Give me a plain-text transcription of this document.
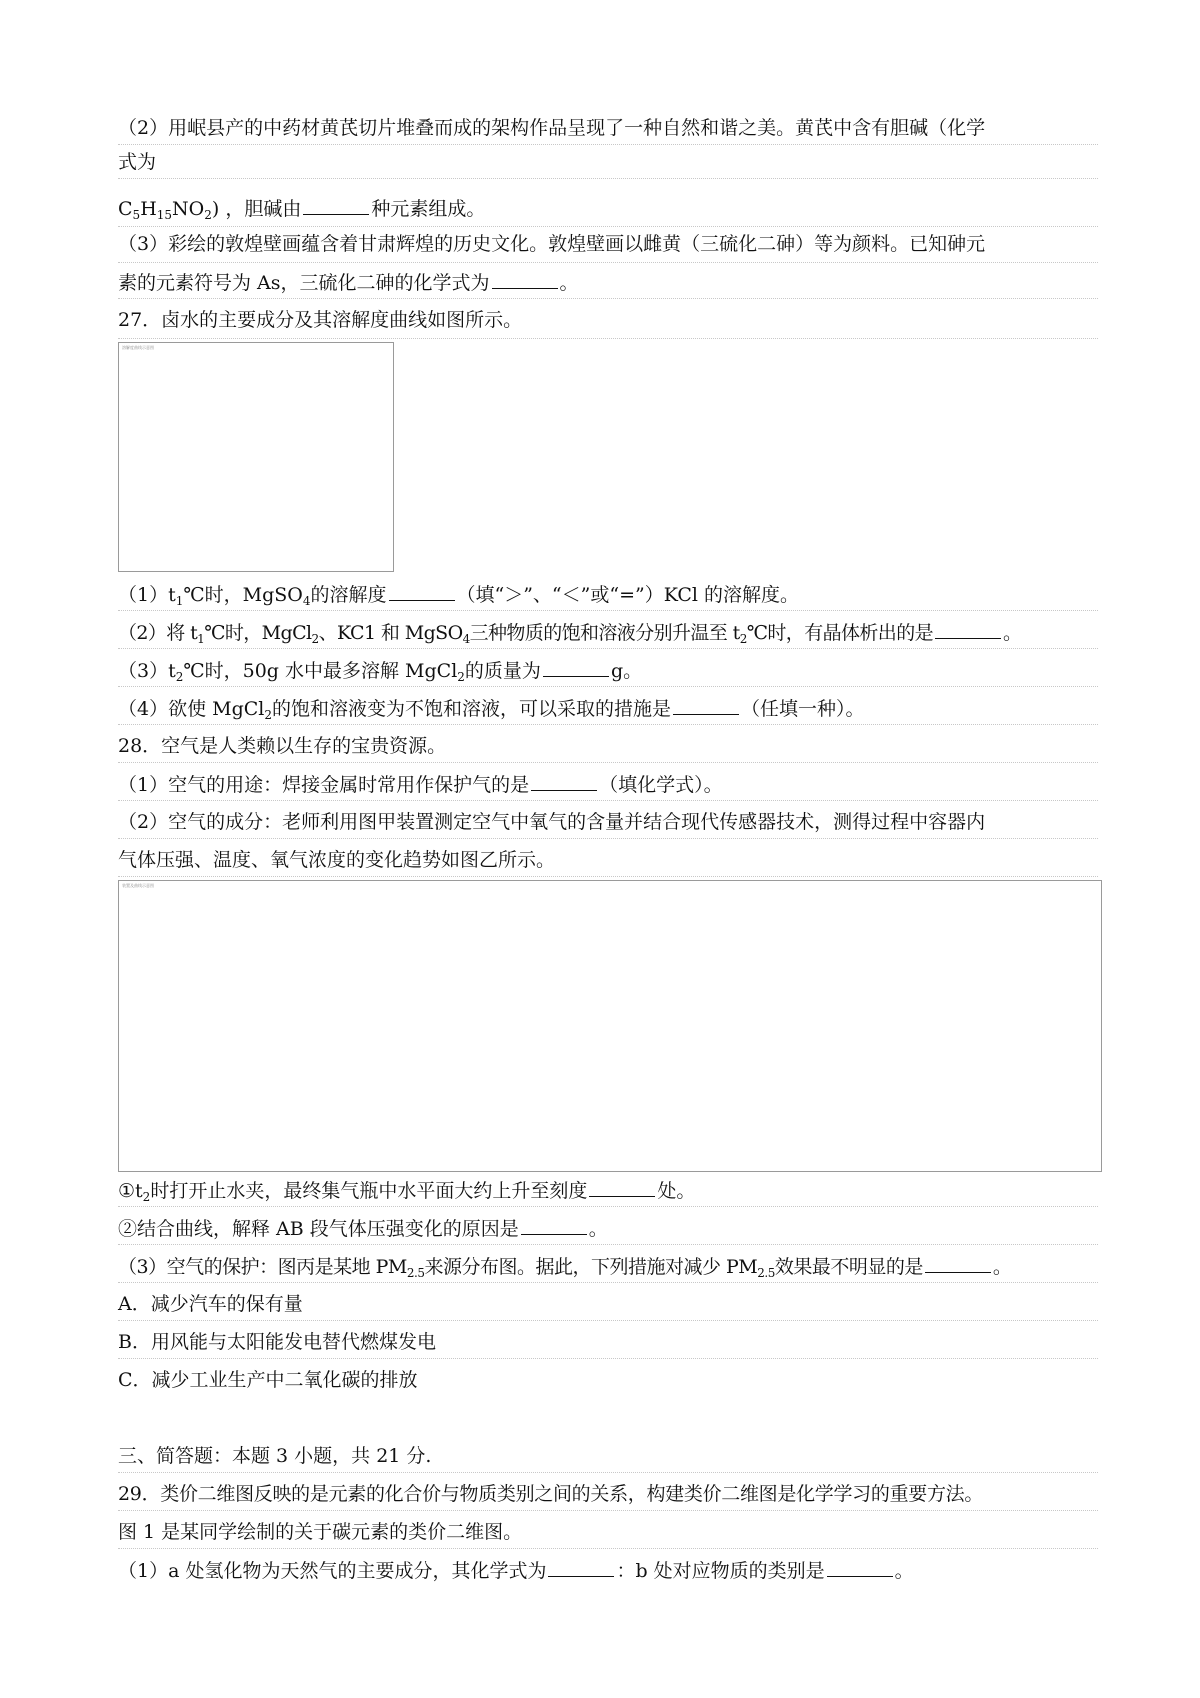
（2）用岷县产的中药材黄芪切片堆叠而成的架构作品呈现了一种自然和谐之美。黄芪中含有胆碱（化学
式为
$C_5H_{15}NO_2$) ，胆碱由	种元素组成。
（3）彩绘的敦煌壁画蕴含着甘肃辉煌的历史文化。敦煌壁画以雌黄（三硫化二砷）等为颜料。已知砷元
素的元素符号为 As，三硫化二砷的化学式为	。
27．卤水的主要成分及其溶解度曲线如图所示。
溶解度曲线示意图
$(1)t_1℃$时，MgSO$_4$的溶解度	（填“＞”、“＜”或“=”）KCl 的溶解度。
（2）将 $t_1℃$时，MgCl$_2$、KC1 和 MgSO$_4$三种物质的饱和溶液分别升温至 $t_2℃$时，有晶体析出的是	。
$(3)t_2℃$时，50g 水中最多溶解 MgCl$_2$的质量为	g。
（4）欲使 MgCl$_2$的饱和溶液变为不饱和溶液，可以采取的措施是	（任填一种）。
28．空气是人类赖以生存的宝贵资源。
（1）空气的用途：焊接金属时常用作保护气的是	（填化学式）。
（2）空气的成分：老师利用图甲装置测定空气中氧气的含量并结合现代传感器技术，测得过程中容器内
气体压强、温度、氧气浓度的变化趋势如图乙所示。
装置及曲线示意图
$①t_2$时打开止水夹，最终集气瓶中水平面大约上升至刻度	处。
②结合曲线，解释 AB 段气体压强变化的原因是	。
（3）空气的保护：图丙是某地 $PM_{2.5}$来源分布图。据此，下列措施对减少 $PM_{2.5}$效果最不明显的是	。
A．减少汽车的保有量
B．用风能与太阳能发电替代燃煤发电
C．减少工业生产中二氧化碳的排放
三、简答题：本题 3 小题，共 21 分.
29．类价二维图反映的是元素的化合价与物质类别之间的关系，构建类价二维图是化学学习的重要方法。
图 1 是某同学绘制的关于碳元素的类价二维图。
（1）a 处氢化物为天然气的主要成分，其化学式为	：b 处对应物质的类别是	。
